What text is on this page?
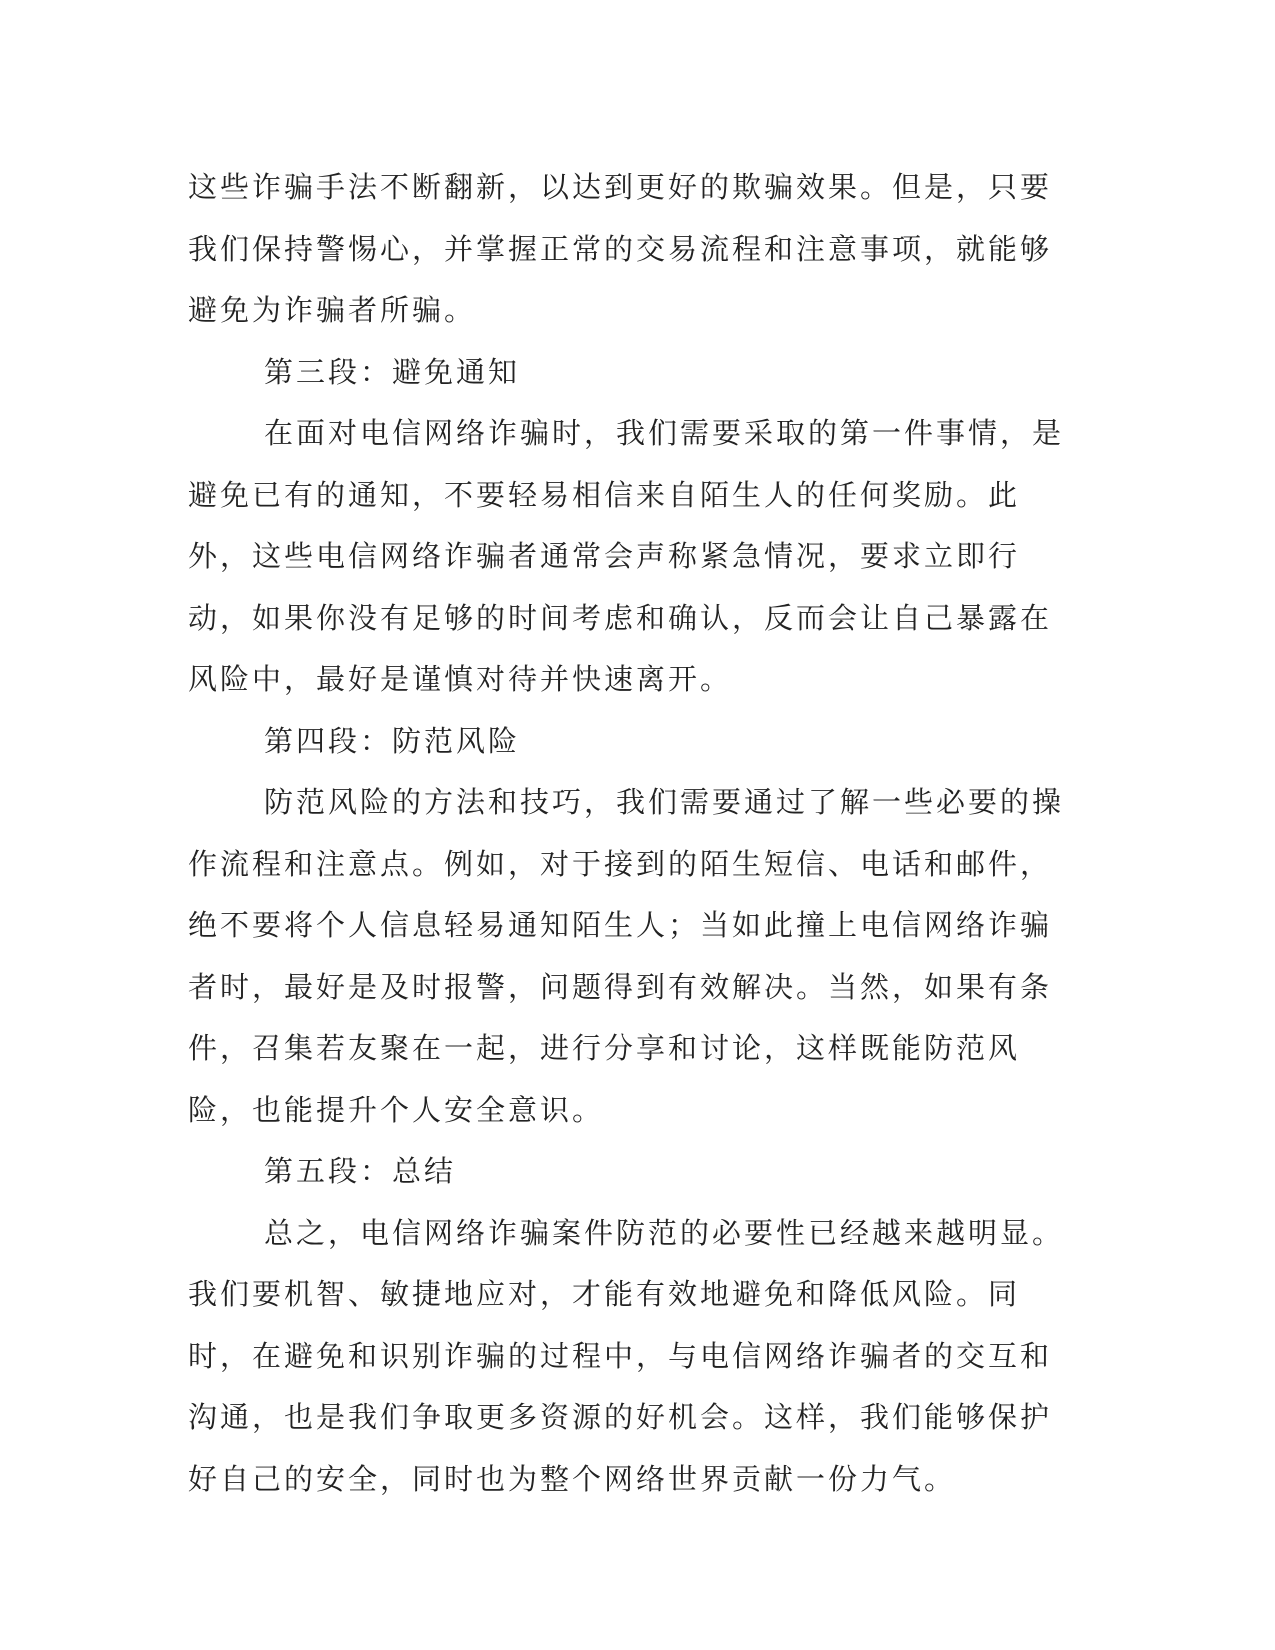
这些诈骗手法不断翻新，以达到更好的欺骗效果。但是，只要我们保持警惕心，并掌握正常的交易流程和注意事项，就能够避免为诈骗者所骗。

第三段：避免通知

在面对电信网络诈骗时，我们需要采取的第一件事情，是避免已有的通知，不要轻易相信来自陌生人的任何奖励。此外，这些电信网络诈骗者通常会声称紧急情况，要求立即行动，如果你没有足够的时间考虑和确认，反而会让自己暴露在风险中，最好是谨慎对待并快速离开。

第四段：防范风险

防范风险的方法和技巧，我们需要通过了解一些必要的操作流程和注意点。例如，对于接到的陌生短信、电话和邮件，绝不要将个人信息轻易通知陌生人；当如此撞上电信网络诈骗者时，最好是及时报警，问题得到有效解决。当然，如果有条件，召集若友聚在一起，进行分享和讨论，这样既能防范风险，也能提升个人安全意识。

第五段：总结

总之，电信网络诈骗案件防范的必要性已经越来越明显。我们要机智、敏捷地应对，才能有效地避免和降低风险。同时，在避免和识别诈骗的过程中，与电信网络诈骗者的交互和沟通，也是我们争取更多资源的好机会。这样，我们能够保护好自己的安全，同时也为整个网络世界贡献一份力气。
